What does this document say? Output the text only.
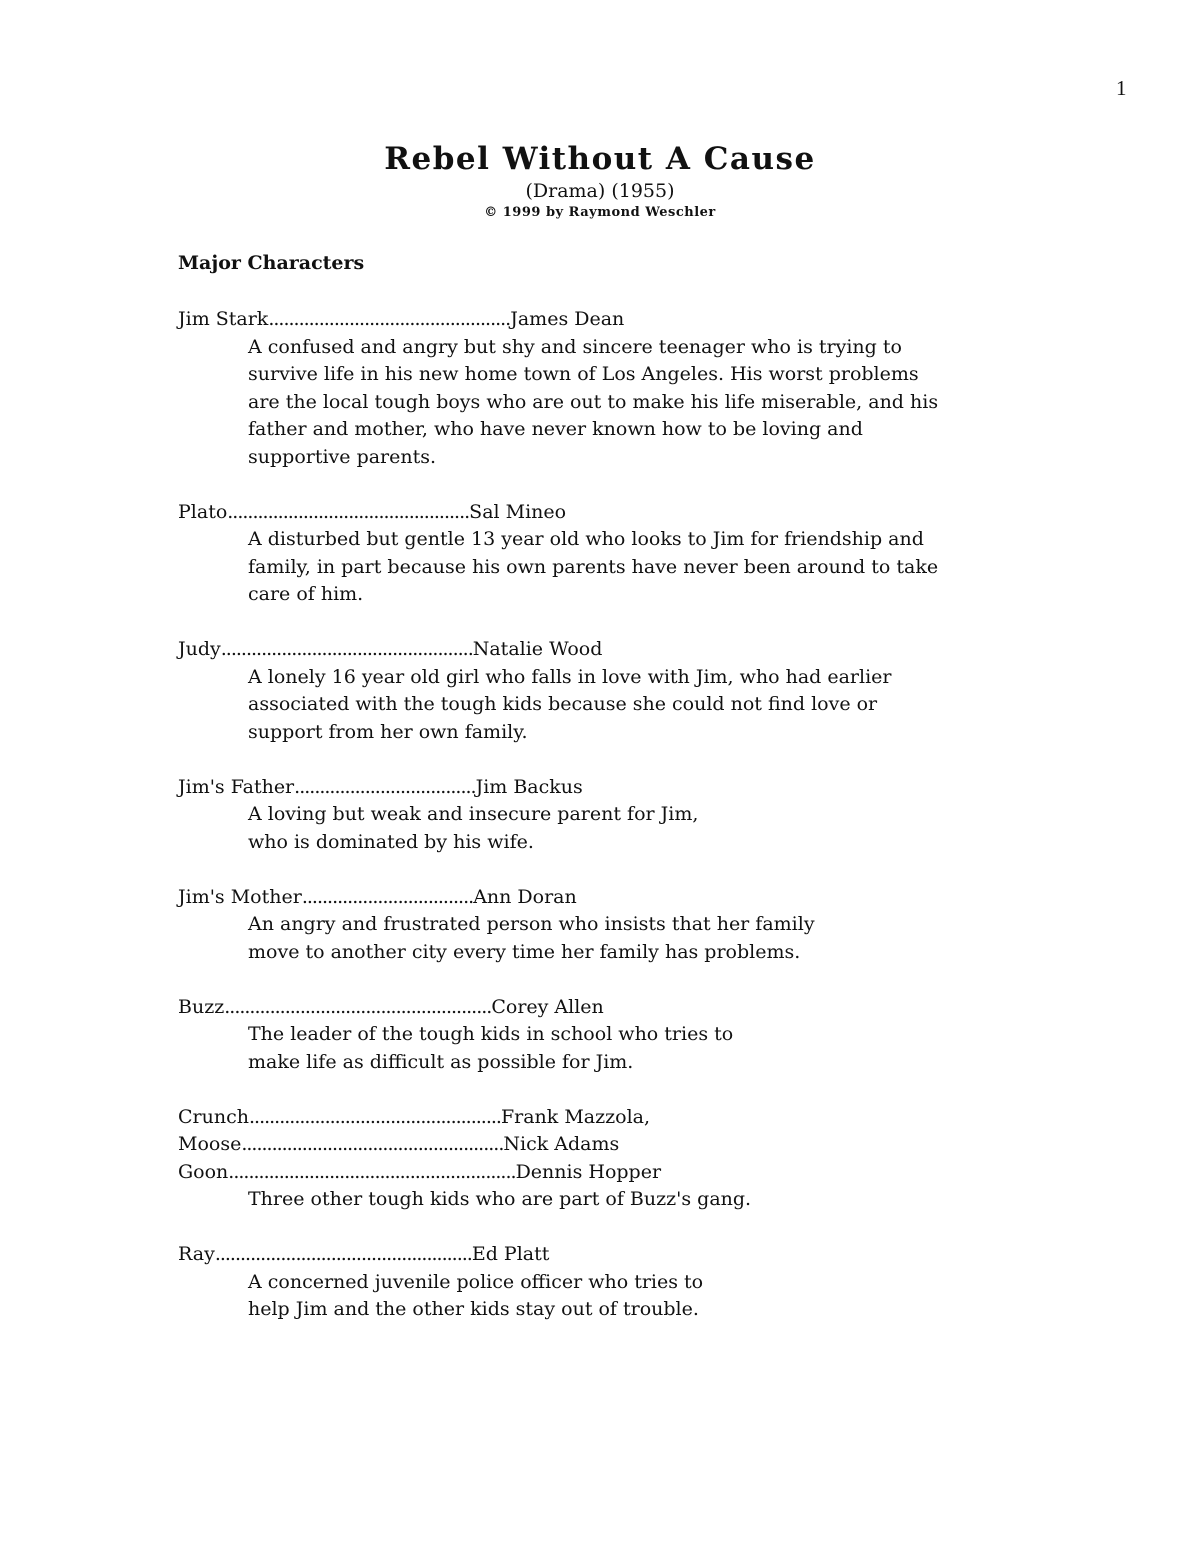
1
Rebel Without A Cause
(Drama) (1955)
© 1999 by Raymond Weschler
Major Characters
Jim Stark................................................James Dean
A confused and angry but shy and sincere teenager who is trying to
survive life in his new home town of Los Angeles. His worst problems
are the local tough boys who are out to make his life miserable, and his
father and mother, who have never known how to be loving and
supportive parents.
Plato................................................Sal Mineo
A disturbed but gentle 13 year old who looks to Jim for friendship and
family, in part because his own parents have never been around to take
care of him.
Judy..................................................Natalie Wood
A lonely 16 year old girl who falls in love with Jim, who had earlier
associated with the tough kids because she could not find love or
support from her own family.
Jim's Father....................................Jim Backus
A loving but weak and insecure parent for Jim,
who is dominated by his wife.
Jim's Mother..................................Ann Doran
An angry and frustrated person who insists that her family
move to another city every time her family has problems.
Buzz.....................................................Corey Allen
The leader of the tough kids in school who tries to
make life as difficult as possible for Jim.
Crunch..................................................Frank Mazzola,
Moose....................................................Nick Adams
Goon.........................................................Dennis Hopper
Three other tough kids who are part of Buzz's gang.
Ray...................................................Ed Platt
A concerned juvenile police officer who tries to
help Jim and the other kids stay out of trouble.
